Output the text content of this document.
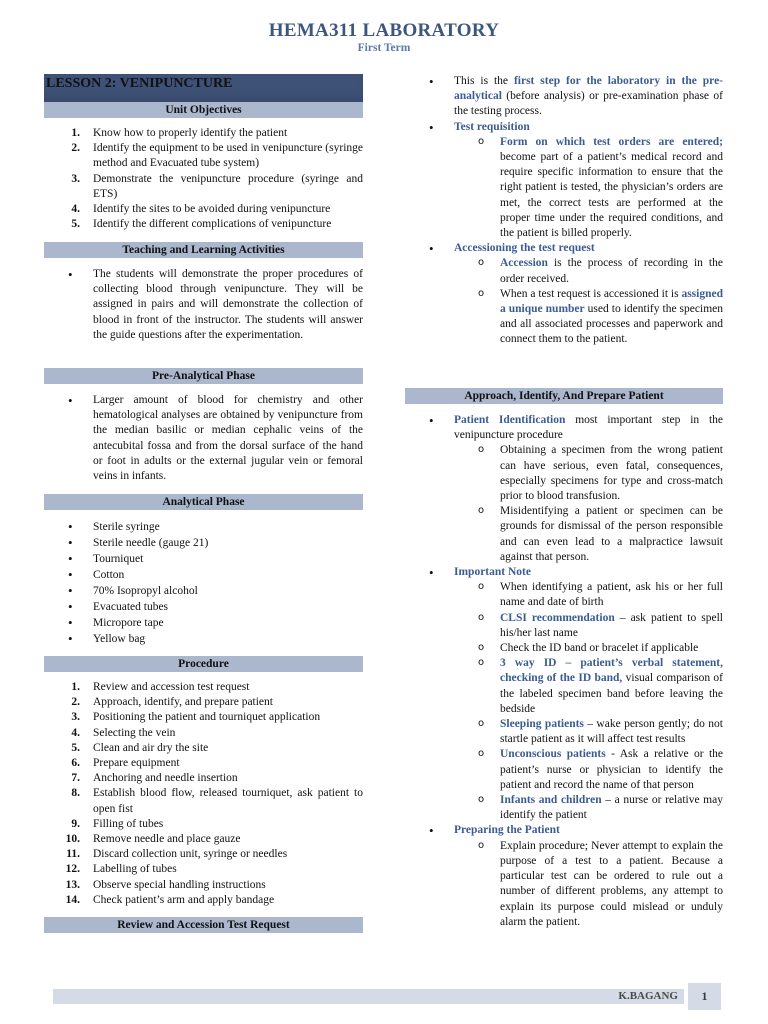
HEMA311 LABORATORY
First Term
LESSON 2: VENIPUNCTURE
Unit Objectives
1. Know how to properly identify the patient
2. Identify the equipment to be used in venipuncture (syringe method and Evacuated tube system)
3. Demonstrate the venipuncture procedure (syringe and ETS)
4. Identify the sites to be avoided during venipuncture
5. Identify the different complications of venipuncture
Teaching and Learning Activities
• The students will demonstrate the proper procedures of collecting blood through venipuncture. They will be assigned in pairs and will demonstrate the collection of blood in front of the instructor. The students will answer the guide questions after the experimentation.
Pre-Analytical Phase
• Larger amount of blood for chemistry and other hematological analyses are obtained by venipuncture from the median basilic or median cephalic veins of the antecubital fossa and from the dorsal surface of the hand or foot in adults or the external jugular vein or femoral veins in infants.
Analytical Phase
• Sterile syringe
• Sterile needle (gauge 21)
• Tourniquet
• Cotton
• 70% Isopropyl alcohol
• Evacuated tubes
• Micropore tape
• Yellow bag
Procedure
1. Review and accession test request
2. Approach, identify, and prepare patient
3. Positioning the patient and tourniquet application
4. Selecting the vein
5. Clean and air dry the site
6. Prepare equipment
7. Anchoring and needle insertion
8. Establish blood flow, released tourniquet, ask patient to open fist
9. Filling of tubes
10. Remove needle and place gauze
11. Discard collection unit, syringe or needles
12. Labelling of tubes
13. Observe special handling instructions
14. Check patient’s arm and apply bandage
Review and Accession Test Request
• This is the first step for the laboratory in the pre-analytical (before analysis) or pre-examination phase of the testing process.
• Test requisition
o Form on which test orders are entered; become part of a patient’s medical record and require specific information to ensure that the right patient is tested, the physician’s orders are met, the correct tests are performed at the proper time under the required conditions, and the patient is billed properly.
• Accessioning the test request
o Accession is the process of recording in the order received.
o When a test request is accessioned it is assigned a unique number used to identify the specimen and all associated processes and paperwork and connect them to the patient.
Approach, Identify, And Prepare Patient
• Patient Identification most important step in the venipuncture procedure
o Obtaining a specimen from the wrong patient can have serious, even fatal, consequences, especially specimens for type and cross-match prior to blood transfusion.
o Misidentifying a patient or specimen can be grounds for dismissal of the person responsible and can even lead to a malpractice lawsuit against that person.
• Important Note
o When identifying a patient, ask his or her full name and date of birth
o CLSI recommendation – ask patient to spell his/her last name
o Check the ID band or bracelet if applicable
o 3 way ID – patient’s verbal statement, checking of the ID band, visual comparison of the labeled specimen band before leaving the bedside
o Sleeping patients – wake person gently; do not startle patient as it will affect test results
o Unconscious patients - Ask a relative or the patient’s nurse or physician to identify the patient and record the name of that person
o Infants and children – a nurse or relative may identify the patient
• Preparing the Patient
o Explain procedure; Never attempt to explain the purpose of a test to a patient. Because a particular test can be ordered to rule out a number of different problems, any attempt to explain its purpose could mislead or unduly alarm the patient.
K.BAGANG	1
